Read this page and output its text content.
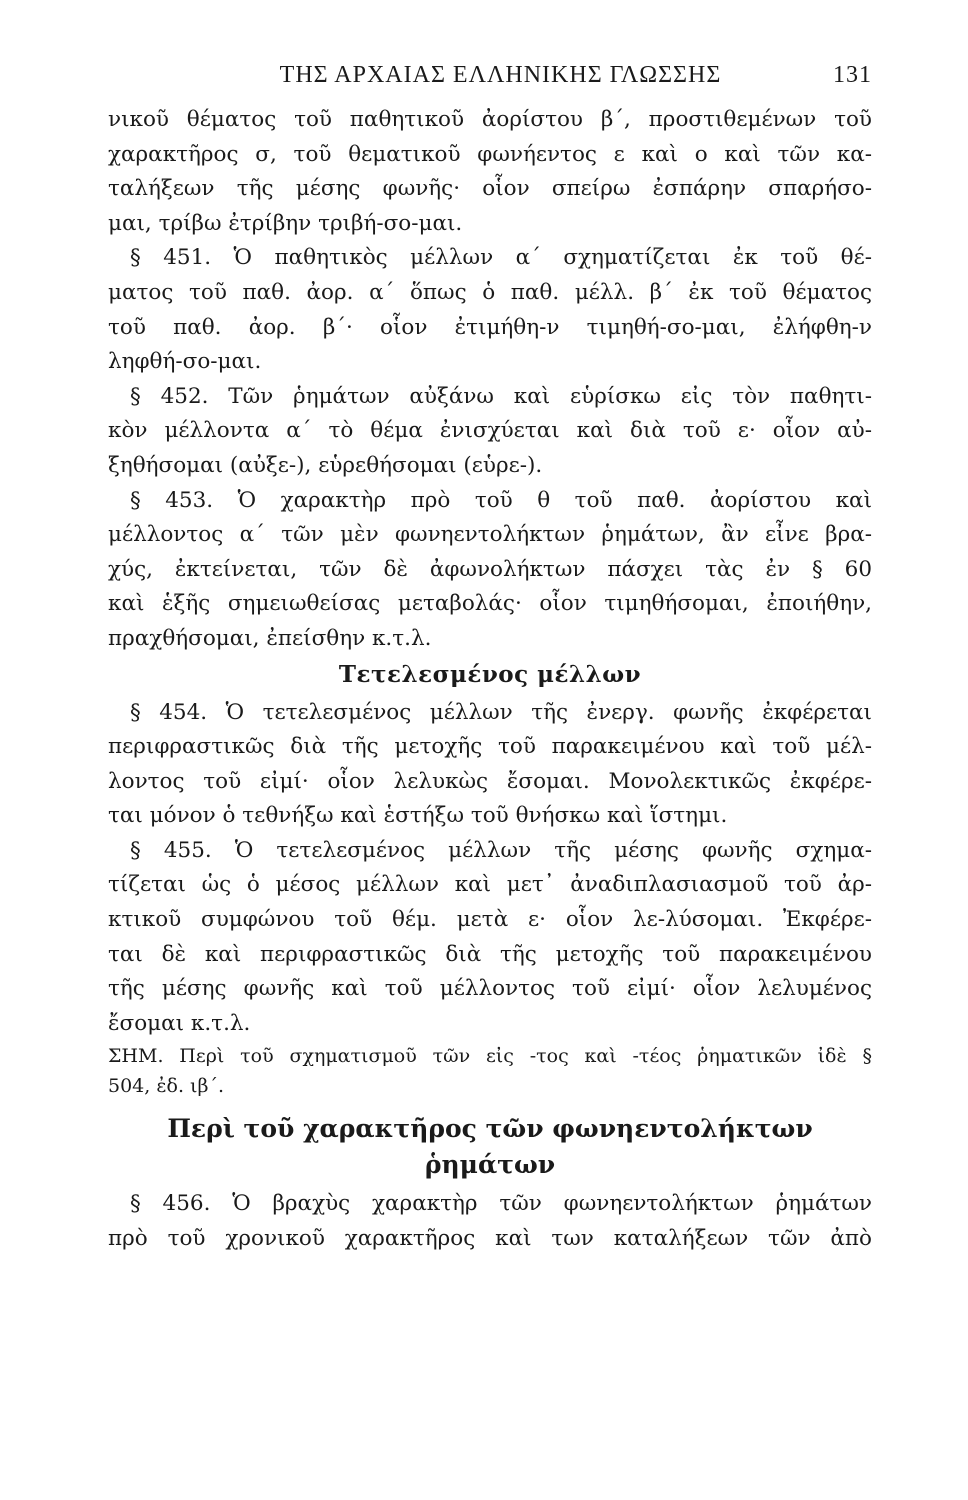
ΤΗΣ ΑΡΧΑΙΑΣ ΕΛΛΗΝΙΚΗΣ ΓΛΩΣΣΗΣ	131

νικοῦ θέματος τοῦ παθητικοῦ ἀορίστου β΄, προστιθεμένων τοῦ
χαρακτῆρος σ, τοῦ θεματικοῦ φωνήεντος ε καὶ ο καὶ τῶν κα-
ταλήξεων τῆς μέσης φωνῆς· οἷον σπείρω ἐσπάρην σπαρήσο-
μαι, τρίβω ἐτρίβην τριβή-σο-μαι.

§ 451. Ὁ παθητικὸς μέλλων α΄ σχηματίζεται ἐκ τοῦ θέ-
ματος τοῦ παθ. ἀορ. α΄ ὅπως ὁ παθ. μέλλ. β΄ ἐκ τοῦ θέματος
τοῦ παθ. ἀορ. β΄· οἷον ἐτιμήθη-ν τιμηθή-σο-μαι, ἐλήφθη-ν
ληφθή-σο-μαι.

§ 452. Τῶν ῥημάτων αὐξάνω καὶ εὑρίσκω εἰς τὸν παθητι-
κὸν μέλλοντα α΄ τὸ θέμα ἐνισχύεται καὶ διὰ τοῦ ε· οἷον αὐ-
ξηθήσομαι (αὐξε-), εὑρεθήσομαι (εὑρε-).

§ 453. Ὁ χαρακτὴρ πρὸ τοῦ θ τοῦ παθ. ἀορίστου καὶ
μέλλοντος α΄ τῶν μὲν φωνηεντολήκτων ῥημάτων, ἂν εἶνε βρα-
χύς, ἐκτείνεται, τῶν δὲ ἀφωνολήκτων πάσχει τὰς ἐν § 60
καὶ ἑξῆς σημειωθείσας μεταβολάς· οἷον τιμηθήσομαι, ἐποιήθην,
πραχθήσομαι, ἐπείσθην κ.τ.λ.

Τετελεσμένος μέλλων

§ 454. Ὁ τετελεσμένος μέλλων τῆς ἐνεργ. φωνῆς ἐκφέρεται
περιφραστικῶς διὰ τῆς μετοχῆς τοῦ παρακειμένου καὶ τοῦ μέλ-
λοντος τοῦ εἰμί· οἷον λελυκὼς ἔσομαι. Μονολεκτικῶς ἐκφέρε-
ται μόνον ὁ τεθνήξω καὶ ἑστήξω τοῦ θνήσκω καὶ ἵστημι.

§ 455. Ὁ τετελεσμένος μέλλων τῆς μέσης φωνῆς σχημα-
τίζεται ὡς ὁ μέσος μέλλων καὶ μετ᾽ ἀναδιπλασιασμοῦ τοῦ ἀρ-
κτικοῦ συμφώνου τοῦ θέμ. μετὰ ε· οἷον λε-λύσομαι. Ἐκφέρε-
ται δὲ καὶ περιφραστικῶς διὰ τῆς μετοχῆς τοῦ παρακειμένου
τῆς μέσης φωνῆς καὶ τοῦ μέλλοντος τοῦ εἰμί· οἷον λελυμένος
ἔσομαι κ.τ.λ.

ΣΗΜ. Περὶ τοῦ σχηματισμοῦ τῶν εἰς -τος καὶ -τέος ῥηματικῶν ἰδὲ §
504, ἐδ. ιβ΄.

Περὶ τοῦ χαρακτῆρος τῶν φωνηεντολήκτων
ῥημάτων

§ 456. Ὁ βραχὺς χαρακτὴρ τῶν φωνηεντολήκτων ῥημάτων
πρὸ τοῦ χρονικοῦ χαρακτῆρος καὶ των καταλήξεων τῶν ἀπὸ
